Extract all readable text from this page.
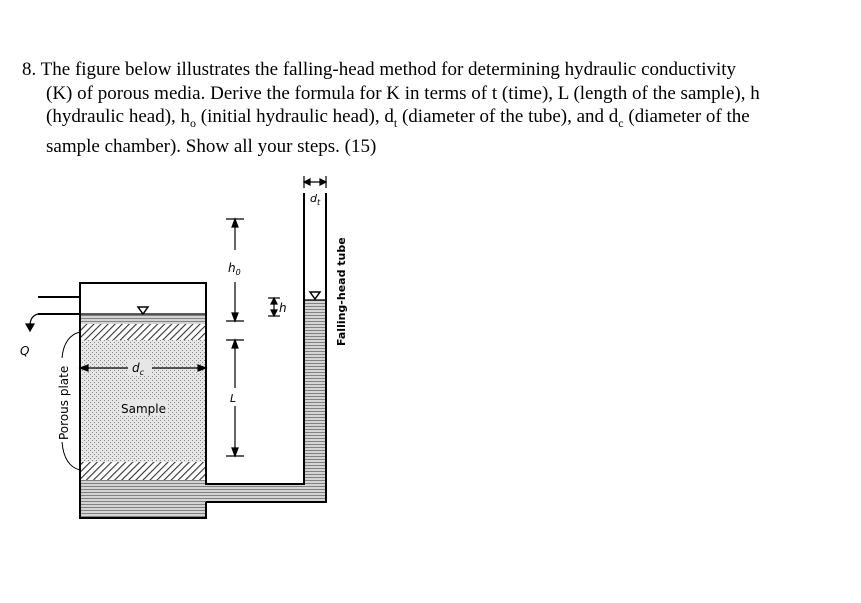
8. The figure below illustrates the falling-head method for determining hydraulic conductivity
(K) of porous media. Derive the formula for K in terms of t (time), L (length of the sample), h
(hydraulic head), $h_o$ (initial hydraulic head), $d_t$ (diameter of the tube), and $d_c$ (diameter of the
sample chamber). Show all your steps. (15)
Q
$d_t$
$h_0$
h
L
$d_c$
Sample
Porous plate
Falling-head tube
